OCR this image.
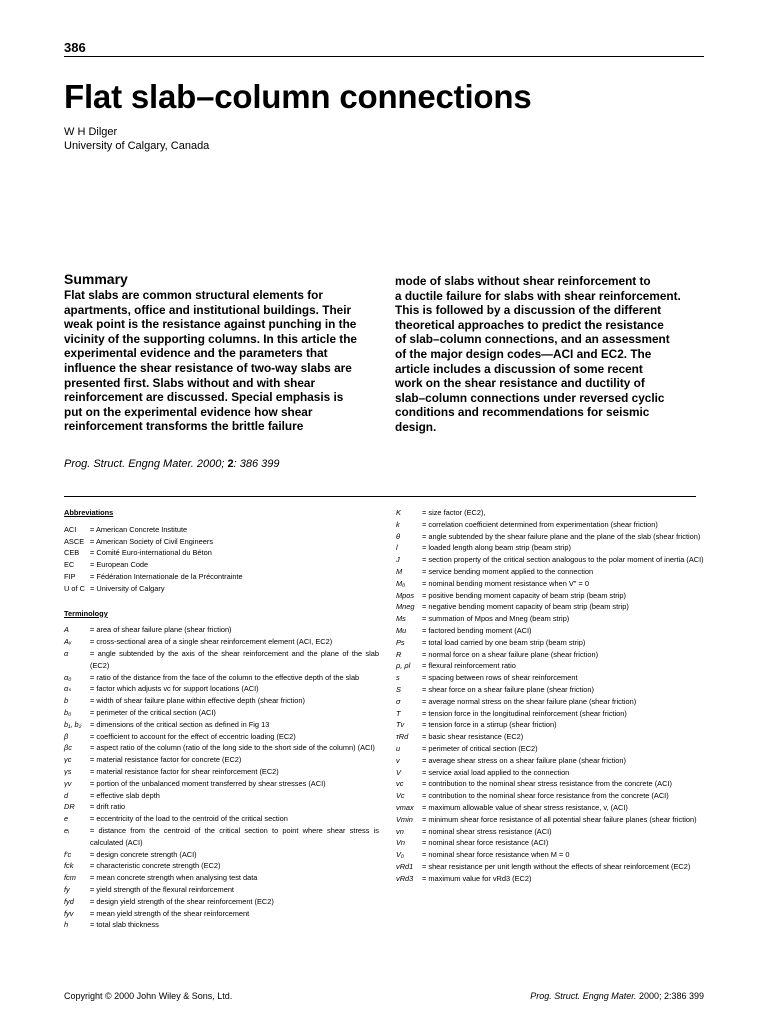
386
Flat slab–column connections
W H Dilger
University of Calgary, Canada
Summary
Flat slabs are common structural elements for
apartments, office and institutional buildings. Their
weak point is the resistance against punching in the
vicinity of the supporting columns. In this article the
experimental evidence and the parameters that
influence the shear resistance of two-way slabs are
presented first. Slabs without and with shear
reinforcement are discussed. Special emphasis is
put on the experimental evidence how shear
reinforcement transforms the brittle failure
mode of slabs without shear reinforcement to
a ductile failure for slabs with shear reinforcement.
This is followed by a discussion of the different
theoretical approaches to predict the resistance
of slab–column connections, and an assessment
of the major design codes—ACI and EC2. The
article includes a discussion of some recent
work on the shear resistance and ductility of
slab–column connections under reversed cyclic
conditions and recommendations for seismic
design.
Prog. Struct. Engng Mater. 2000; 2: 386 399
Abbreviations
ACI	= American Concrete Institute
ASCE = American Society of Civil Engineers
CEB	= Comité Euro-international du Béton
EC	= European Code
FIP	= Fédération Internationale de la Précontrainte
U of C = University of Calgary
Terminology
A	= area of shear failure plane (shear friction)
Aᵥ	= cross-sectional area of a single shear reinforcement element (ACI, EC2)
α	= angle subtended by the axis of the shear reinforcement and the plane of the slab (EC2)
α₀	= ratio of the distance from the face of the column to the effective depth of the slab
αₛ	= factor which adjusts vc for support locations (ACI)
b	= width of shear failure plane within effective depth (shear friction)
b₀	= perimeter of the critical section (ACI)
b₁, b₂	= dimensions of the critical section as defined in Fig 13
β	= coefficient to account for the effect of eccentric loading (EC2)
βc	= aspect ratio of the column (ratio of the long side to the short side of the column) (ACI)
γc	= material resistance factor for concrete (EC2)
γs	= material resistance factor for shear reinforcement (EC2)
γv	= portion of the unbalanced moment transferred by shear stresses (ACI)
d	= effective slab depth
DR	= drift ratio
e	= eccentricity of the load to the centroid of the critical section
eᵢ	= distance from the centroid of the critical section to point where shear stress is calculated (ACI)
f′c	= design concrete strength (ACI)
fck	= characteristic concrete strength (EC2)
fcm	= mean concrete strength when analysing test data
fy	= yield strength of the flexural reinforcement
fyd	= design yield strength of the shear reinforcement (EC2)
fyv	= mean yield strength of the shear reinforcement
h	= total slab thickness
K	= size factor (EC2),
k	= correlation coefficient determined from experimentation (shear friction)
θ	= angle subtended by the shear failure plane and the plane of the slab (shear friction)
l	= loaded length along beam strip (beam strip)
J	= section property of the critical section analogous to the polar moment of inertia (ACI)
M	= service bending moment applied to the connection
M₀	= nominal bending moment resistance when V″ = 0
Mpos	= positive bending moment capacity of beam strip (beam strip)
Mneg	= negative bending moment capacity of beam strip (beam strip)
Ms	= summation of Mpos and Mneg (beam strip)
Mu	= factored bending moment (ACI)
Ps	= total load carried by one beam strip (beam strip)
R	= normal force on a shear failure plane (shear friction)
ρ, ρl	= flexural reinforcement ratio
s	= spacing between rows of shear reinforcement
S	= shear force on a shear failure plane (shear friction)
σ	= average normal stress on the shear failure plane (shear friction)
T	= tension force in the longitudinal reinforcement (shear friction)
Tv	= tension force in a stirrup (shear friction)
τRd	= basic shear resistance (EC2)
u	= perimeter of critical section (EC2)
v	= average shear stress on a shear failure plane (shear friction)
V	= service axial load applied to the connection
vc	= contribution to the nominal shear stress resistance from the concrete (ACI)
Vc	= contribution to the nominal shear force resistance from the concrete (ACI)
vmax	= maximum allowable value of shear stress resistance, v, (ACI)
Vmin	= minimum shear force resistance of all potential shear failure planes (shear friction)
vn	= nominal shear stress resistance (ACI)
Vn	= nominal shear force resistance (ACI)
V₀	= nominal shear force resistance when M = 0
vRd1	= shear resistance per unit length without the effects of shear reinforcement (EC2)
vRd3	= maximum value for vRd3 (EC2)
Copyright © 2000 John Wiley & Sons, Ltd.	Prog. Struct. Engng Mater. 2000; 2:386 399
